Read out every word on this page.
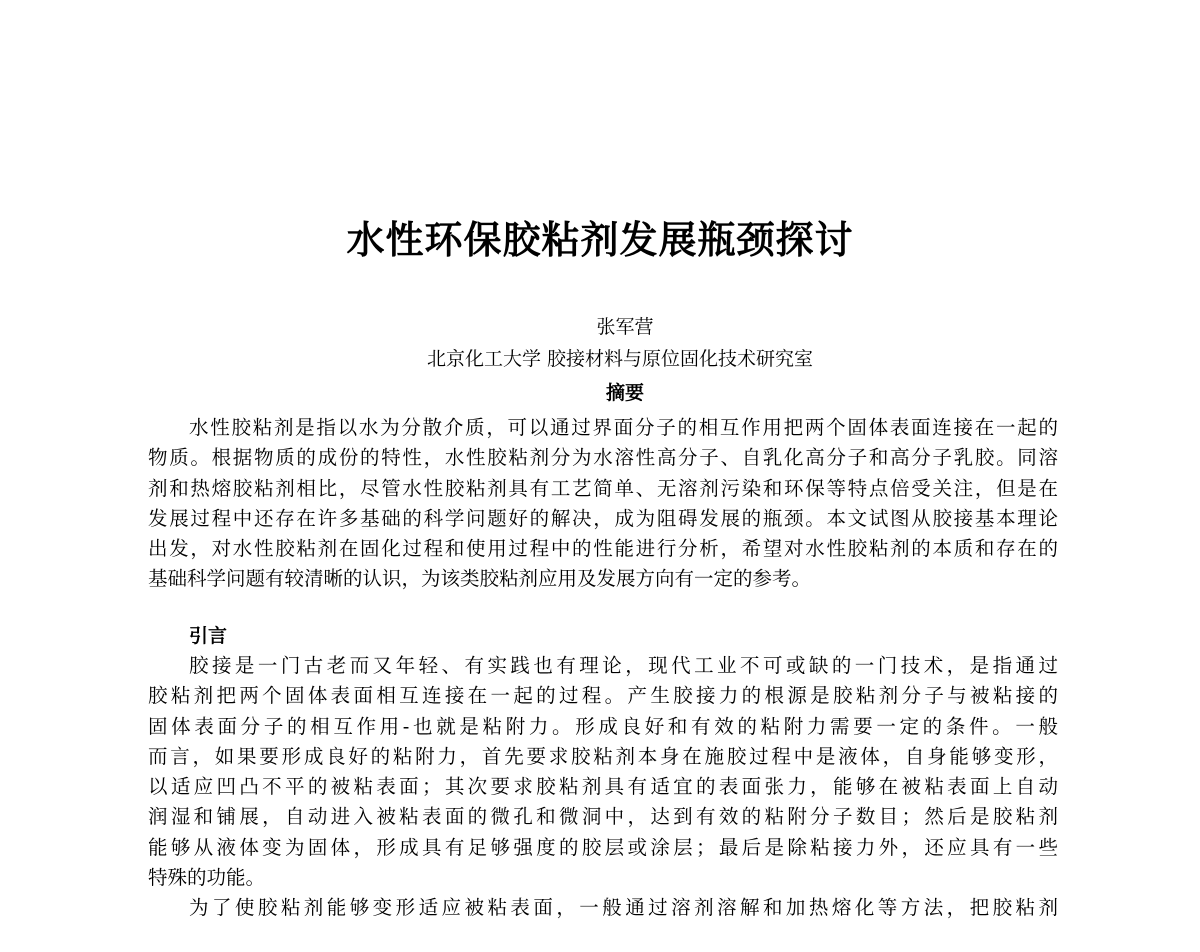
水性环保胶粘剂发展瓶颈探讨
张军营
北京化工大学 胶接材料与原位固化技术研究室
摘要
水性胶粘剂是指以水为分散介质，可以通过界面分子的相互作用把两个固体表面连接在一起的
物质。根据物质的成份的特性，水性胶粘剂分为水溶性高分子、自乳化高分子和高分子乳胶。同溶
剂和热熔胶粘剂相比，尽管水性胶粘剂具有工艺简单、无溶剂污染和环保等特点倍受关注，但是在
发展过程中还存在许多基础的科学问题好的解决，成为阻碍发展的瓶颈。本文试图从胶接基本理论
出发，对水性胶粘剂在固化过程和使用过程中的性能进行分析，希望对水性胶粘剂的本质和存在的
基础科学问题有较清晰的认识，为该类胶粘剂应用及发展方向有一定的参考。
引言
胶接是一门古老而又年轻、有实践也有理论，现代工业不可或缺的一门技术，是指通过
胶粘剂把两个固体表面相互连接在一起的过程。产生胶接力的根源是胶粘剂分子与被粘接的
固体表面分子的相互作用-也就是粘附力。形成良好和有效的粘附力需要一定的条件。一般
而言，如果要形成良好的粘附力，首先要求胶粘剂本身在施胶过程中是液体，自身能够变形，
以适应凹凸不平的被粘表面；其次要求胶粘剂具有适宜的表面张力，能够在被粘表面上自动
润湿和铺展，自动进入被粘表面的微孔和微洞中，达到有效的粘附分子数目；然后是胶粘剂
能够从液体变为固体，形成具有足够强度的胶层或涂层；最后是除粘接力外，还应具有一些
特殊的功能。
为了使胶粘剂能够变形适应被粘表面，一般通过溶剂溶解和加热熔化等方法，把胶粘剂
